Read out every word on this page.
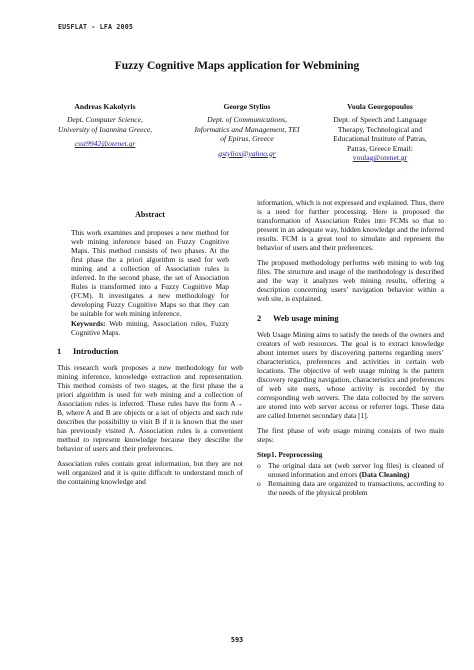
EUSFLAT - LFA 2005
Fuzzy Cognitive Maps application for Webmining
Andreas Kakolyris
Dept. Computer Science,
University of Ioannina Greece,
csst9942@otenet.gr
George Stylios
Dept. of Communications,
Informatics and Management, TEI
of Epirus, Greece
gstylios@yahoo.gr
Voula Georgopoulos
Dept. of Speech and Language
Therapy, Technological and
Educational Institute of Patras,
Patras, Greece Email:
voulag@otenet.gr
Abstract

This work examines and proposes a new method for web mining inference based on Fuzzy Cognitive Maps. This method consists of two phases. At the first phase the a priori algorithm is used for web mining and a collection of Association rules is inferred. In the second phase, the set of Association Rules is transformed into a Fuzzy Cognitive Map (FCM). It investigates a new methodology for developing Fuzzy Cognitive Maps so that they can be suitable for web mining inference.

Keywords: Web mining, Association rules, Fuzzy Cognitive Maps.

1 Introduction

This research work proposes a new methodology for web mining inference, knowledge extraction and representation. This method consists of two stages, at the first phase the a priori algorithm is used for web mining and a collection of Association rules is inferred. These rules have the form A→ B, where A and B are objects or a set of objects and each rule describes the possibility to visit B if it is known that the user has previously visited A. Association rules is a convenient method to represent knowledge because they describe the behavior of users and their preferences.

Association rules contain great information, but they are not well organized and it is quite difficult to understand much of the containing knowledge and

information, which is not expressed and explained. Thus, there is a need for further processing. Here is proposed the transformation of Association Rules into FCMs so that to present in an adequate way, hidden knowledge and the inferred results. FCM is a great tool to simulate and represent the behavior of users and their preferences.

The proposed methodology performs web mining to web log files. The structure and usage of the methodology is described and the way it analyzes web mining results, offering a description concerning users’ navigation behavior within a web site, is explained.

2 Web usage mining

Web Usage Mining aims to satisfy the needs of the owners and creators of web resources. The goal is to extract knowledge about internet users by discovering patterns regarding users’ characteristics, preferences and activities in certain web locations. The objective of web usage mining is the pattern discovery regarding navigation, characteristics and preferences of web site users, whose activity is recorded by the corresponding web servers. The data collected by the servers are stored into web server access or referrer logs. These data are called Internet secondary data [1].

The first phase of web usage mining consists of two main steps:

Step1. Preprocessing
o The original data set (web server log files) is cleaned of unused information and errors (Data Cleaning)
o Remaining data are organized to transactions, according to the needs of the physical problem
593
